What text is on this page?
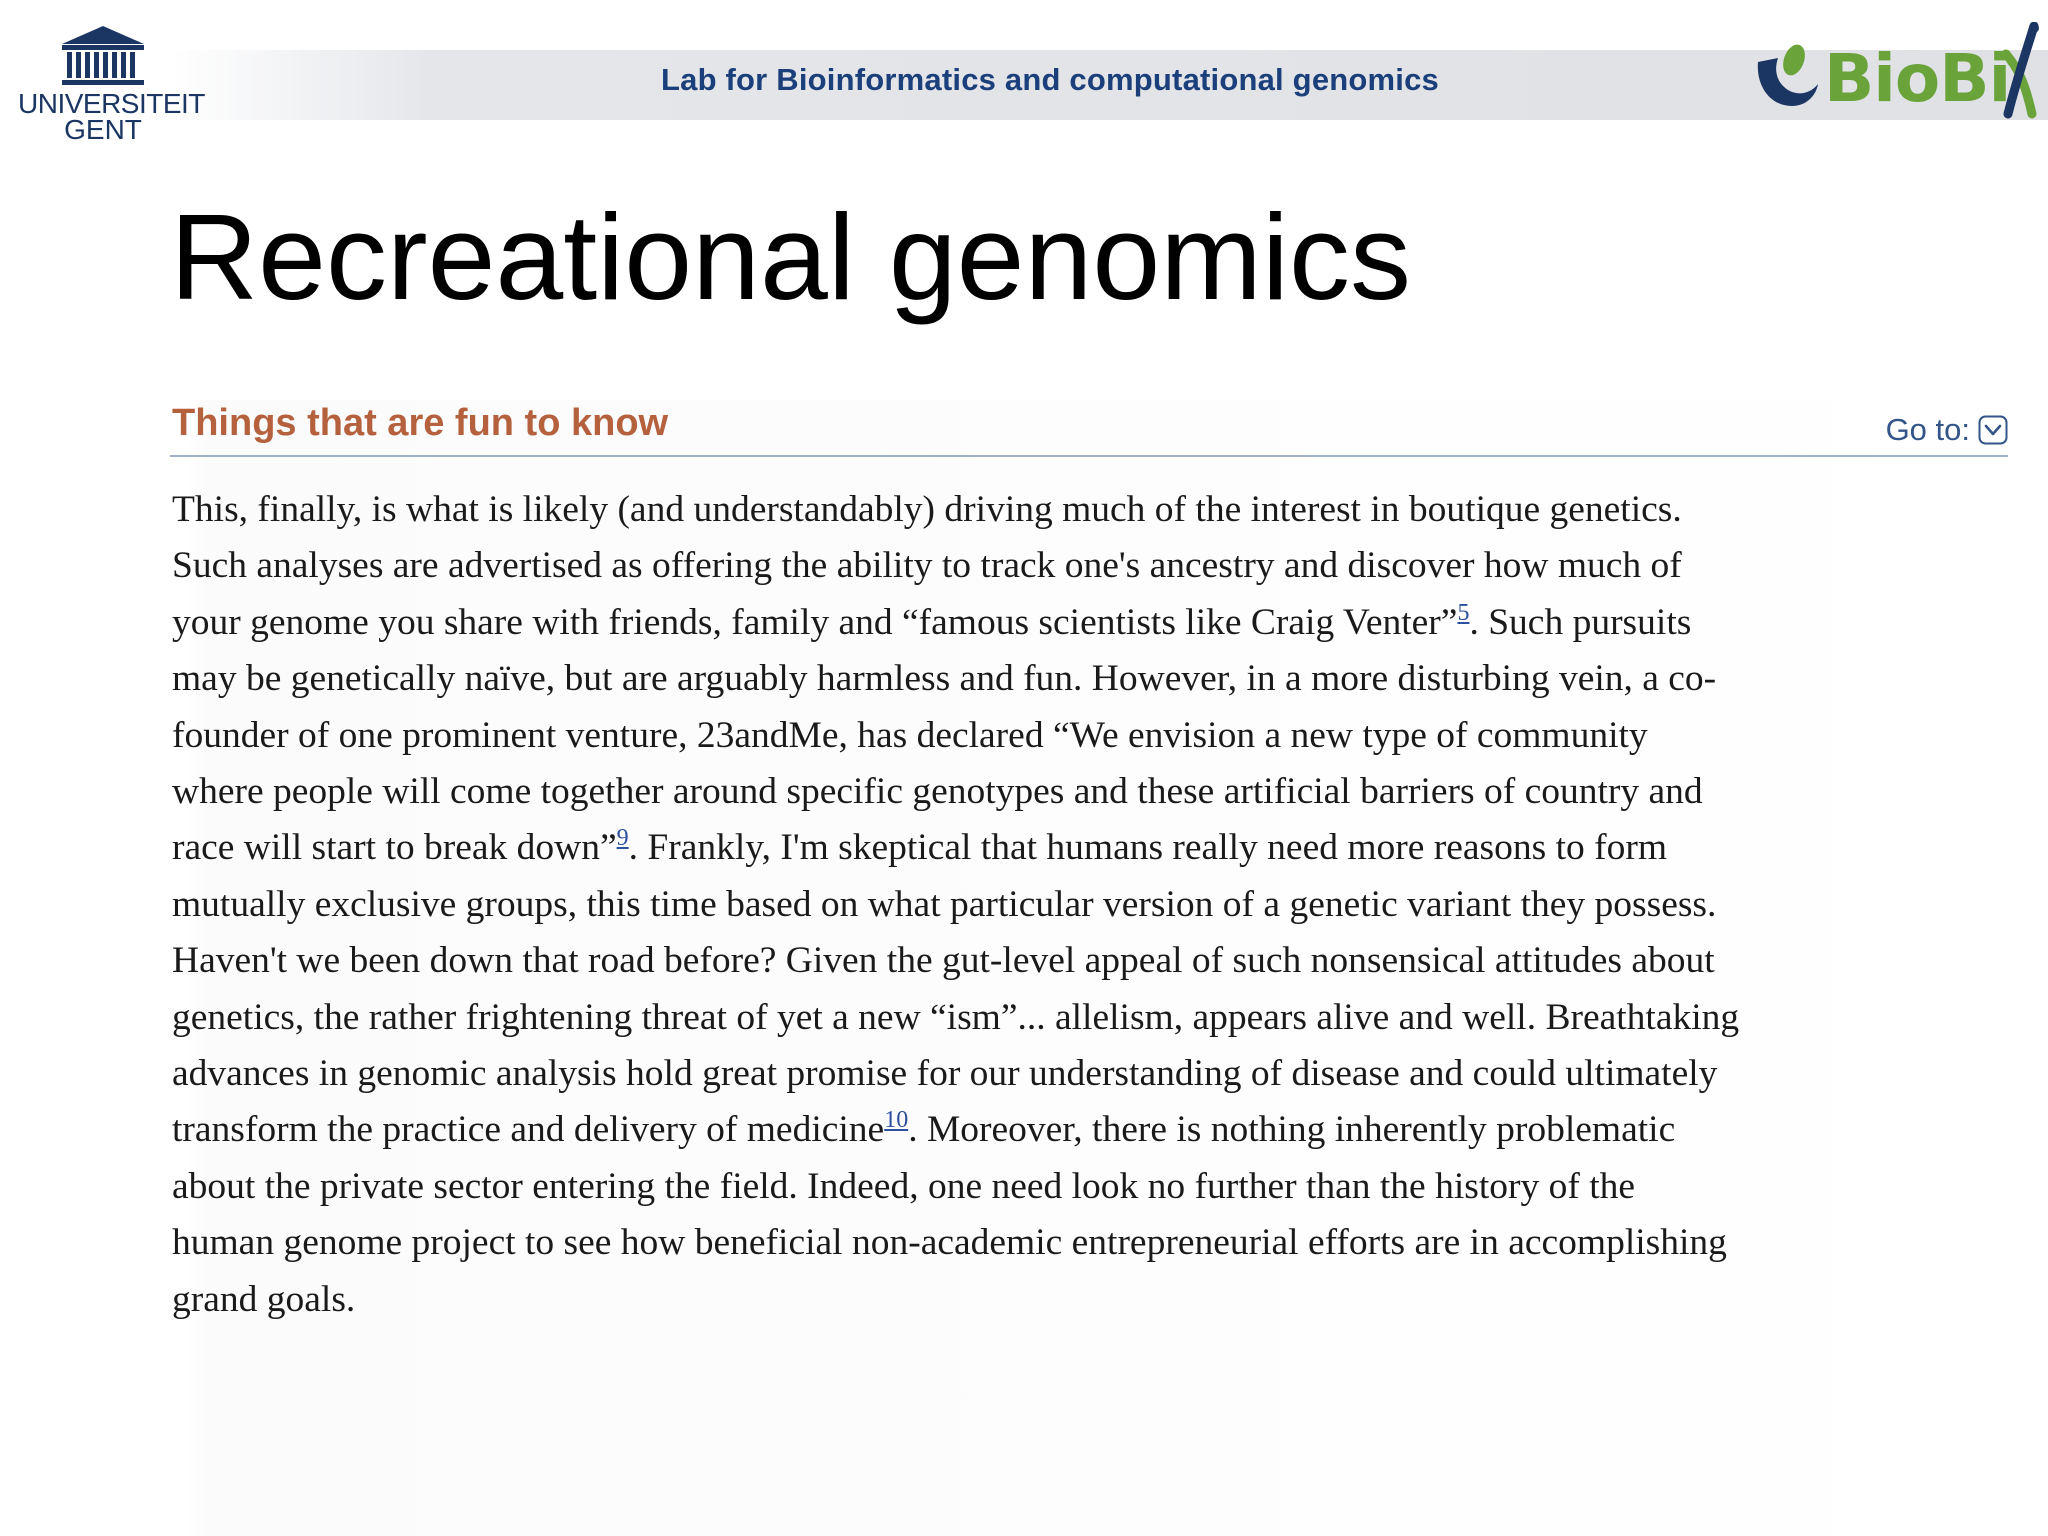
UNIVERSITEIT
GENT
Lab for Bioinformatics and computational genomics	BioBi
Recreational genomics
Things that are fun to know	Go to:
This, finally, is what is likely (and understandably) driving much of the interest in boutique genetics.
Such analyses are advertised as offering the ability to track one's ancestry and discover how much of
your genome you share with friends, family and “famous scientists like Craig Venter”$^5$. Such pursuits
may be genetically naïve, but are arguably harmless and fun. However, in a more disturbing vein, a co-
founder of one prominent venture, 23andMe, has declared “We envision a new type of community
where people will come together around specific genotypes and these artificial barriers of country and
race will start to break down”$^9$. Frankly, I'm skeptical that humans really need more reasons to form
mutually exclusive groups, this time based on what particular version of a genetic variant they possess.
Haven't we been down that road before? Given the gut-level appeal of such nonsensical attitudes about
genetics, the rather frightening threat of yet a new “ism”... allelism, appears alive and well. Breathtaking
advances in genomic analysis hold great promise for our understanding of disease and could ultimately
transform the practice and delivery of medicine$^{10}$. Moreover, there is nothing inherently problematic
about the private sector entering the field. Indeed, one need look no further than the history of the
human genome project to see how beneficial non-academic entrepreneurial efforts are in accomplishing
grand goals.
